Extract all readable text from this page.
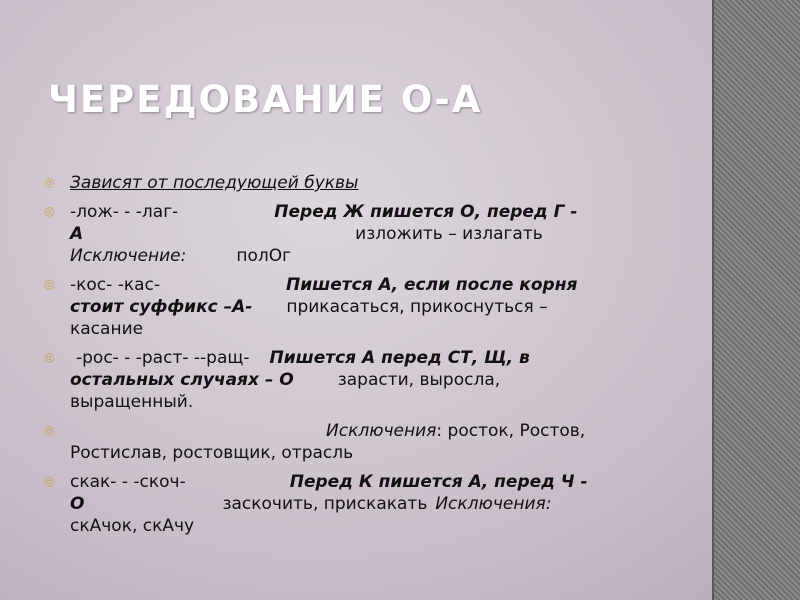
ЧЕРЕДОВАНИЕ О-А
◎ Зависят от последующей буквы
◎ -лож- - -лаг-	Перед Ж пишется О, перед Г -
А	изложить – излагать
Исключение:	полОг
◎ -кос- -кас-	Пишется А, если после корня
стоит суффикс –А- прикасаться, прикоснуться –
касание
◎ -рос- - -раст- --ращ- Пишется А перед СТ, Щ, в
остальных случаях – О	зарасти, выросла,
выращенный.
◎	Исключения: росток, Ростов,
Ростислав, ростовщик, отрасль
◎ скак- - -скоч-	Перед К пишется А, перед Ч -
О	заскочить, прискакать Исключения:
скАчок, скАчу
